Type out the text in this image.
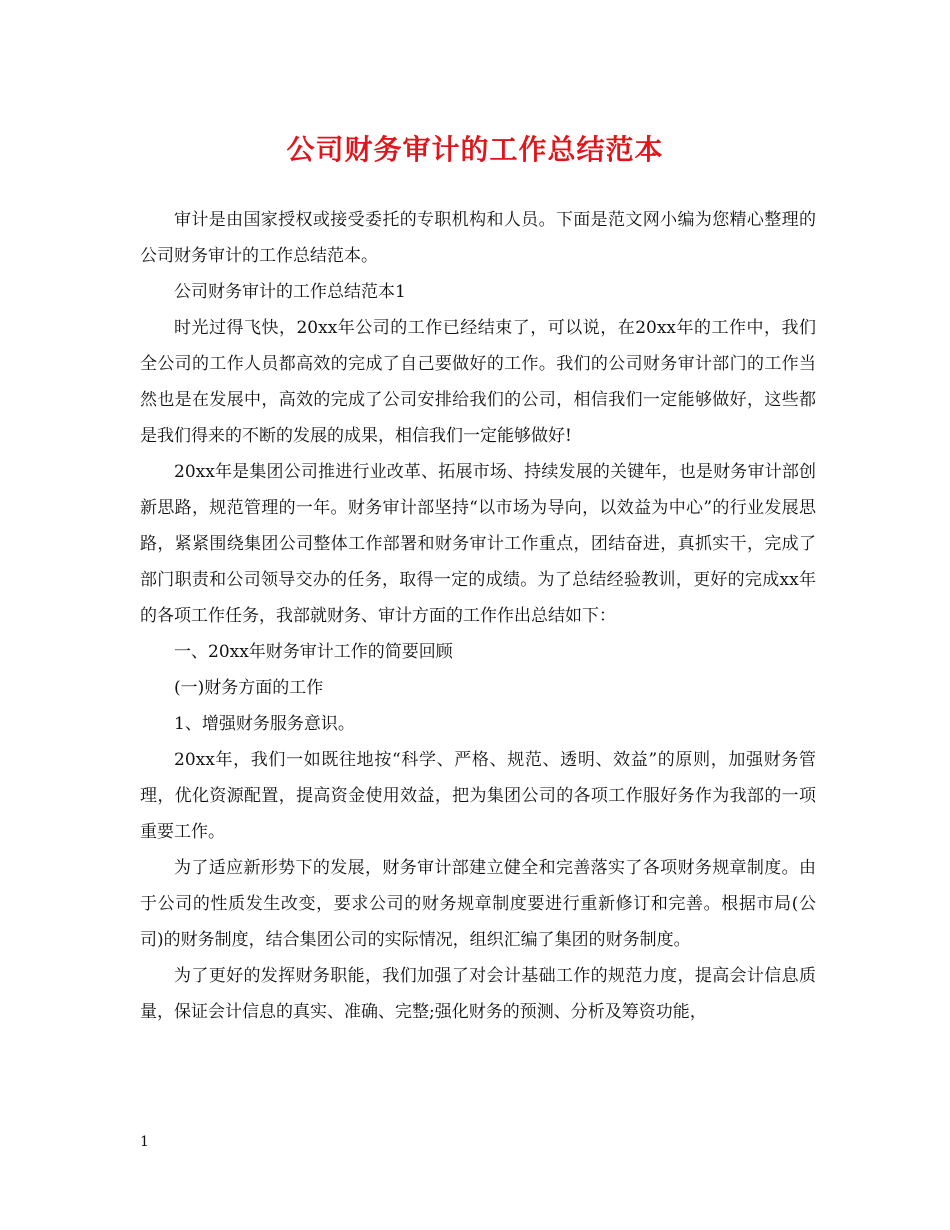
公司财务审计的工作总结范本

审计是由国家授权或接受委托的专职机构和人员。下面是范文网小编为您精心整理的公司财务审计的工作总结范本。

公司财务审计的工作总结范本1

时光过得飞快，20xx年公司的工作已经结束了，可以说，在20xx年的工作中，我们全公司的工作人员都高效的完成了自己要做好的工作。我们的公司财务审计部门的工作当然也是在发展中，高效的完成了公司安排给我们的公司，相信我们一定能够做好，这些都是我们得来的不断的发展的成果，相信我们一定能够做好!

20xx年是集团公司推进行业改革、拓展市场、持续发展的关键年，也是财务审计部创新思路，规范管理的一年。财务审计部坚持“以市场为导向，以效益为中心”的行业发展思路，紧紧围绕集团公司整体工作部署和财务审计工作重点，团结奋进，真抓实干，完成了部门职责和公司领导交办的任务，取得一定的成绩。为了总结经验教训，更好的完成xx年的各项工作任务，我部就财务、审计方面的工作作出总结如下：

一、20xx年财务审计工作的简要回顾

(一)财务方面的工作

1、增强财务服务意识。

20xx年，我们一如既往地按“科学、严格、规范、透明、效益”的原则，加强财务管理，优化资源配置，提高资金使用效益，把为集团公司的各项工作服好务作为我部的一项重要工作。

为了适应新形势下的发展，财务审计部建立健全和完善落实了各项财务规章制度。由于公司的性质发生改变，要求公司的财务规章制度要进行重新修订和完善。根据市局(公司)的财务制度，结合集团公司的实际情况，组织汇编了集团的财务制度。

为了更好的发挥财务职能，我们加强了对会计基础工作的规范力度，提高会计信息质量，保证会计信息的真实、准确、完整;强化财务的预测、分析及筹资功能，

1
